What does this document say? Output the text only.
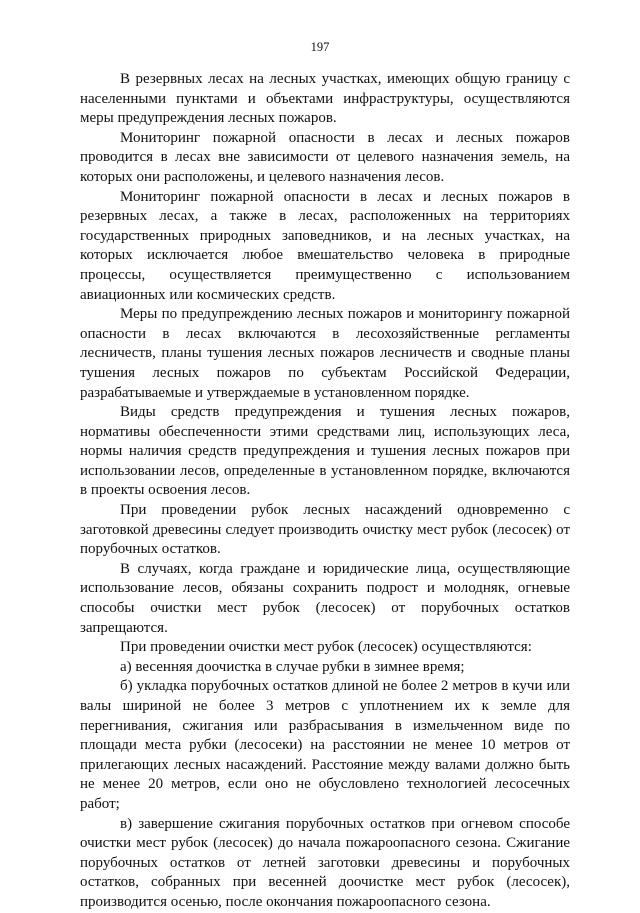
197

В резервных лесах на лесных участках, имеющих общую границу с населенными пунктами и объектами инфраструктуры, осуществляются меры предупреждения лесных пожаров.

Мониторинг пожарной опасности в лесах и лесных пожаров проводится в лесах вне зависимости от целевого назначения земель, на которых они расположены, и целевого назначения лесов.

Мониторинг пожарной опасности в лесах и лесных пожаров в резервных лесах, а также в лесах, расположенных на территориях государственных природных заповедников, и на лесных участках, на которых исключается любое вмешательство человека в природные процессы, осуществляется преимущественно с использованием авиационных или космических средств.

Меры по предупреждению лесных пожаров и мониторингу пожарной опасности в лесах включаются в лесохозяйственные регламенты лесничеств, планы тушения лесных пожаров лесничеств и сводные планы тушения лесных пожаров по субъектам Российской Федерации, разрабатываемые и утверждаемые в установленном порядке.

Виды средств предупреждения и тушения лесных пожаров, нормативы обеспеченности этими средствами лиц, использующих леса, нормы наличия средств предупреждения и тушения лесных пожаров при использовании лесов, определенные в установленном порядке, включаются в проекты освоения лесов.

При проведении рубок лесных насаждений одновременно с заготовкой древесины следует производить очистку мест рубок (лесосек) от порубочных остатков.

В случаях, когда граждане и юридические лица, осуществляющие использование лесов, обязаны сохранить подрост и молодняк, огневые способы очистки мест рубок (лесосек) от порубочных остатков запрещаются.

При проведении очистки мест рубок (лесосек) осуществляются:

а) весенняя доочистка в случае рубки в зимнее время;

б) укладка порубочных остатков длиной не более 2 метров в кучи или валы шириной не более 3 метров с уплотнением их к земле для перегнивания, сжигания или разбрасывания в измельченном виде по площади места рубки (лесосеки) на расстоянии не менее 10 метров от прилегающих лесных насаждений. Расстояние между валами должно быть не менее 20 метров, если оно не обусловлено технологией лесосечных работ;

в) завершение сжигания порубочных остатков при огневом способе очистки мест рубок (лесосек) до начала пожароопасного сезона. Сжигание порубочных остатков от летней заготовки древесины и порубочных остатков, собранных при весенней доочистке мест рубок (лесосек), производится осенью, после окончания пожароопасного сезона.
